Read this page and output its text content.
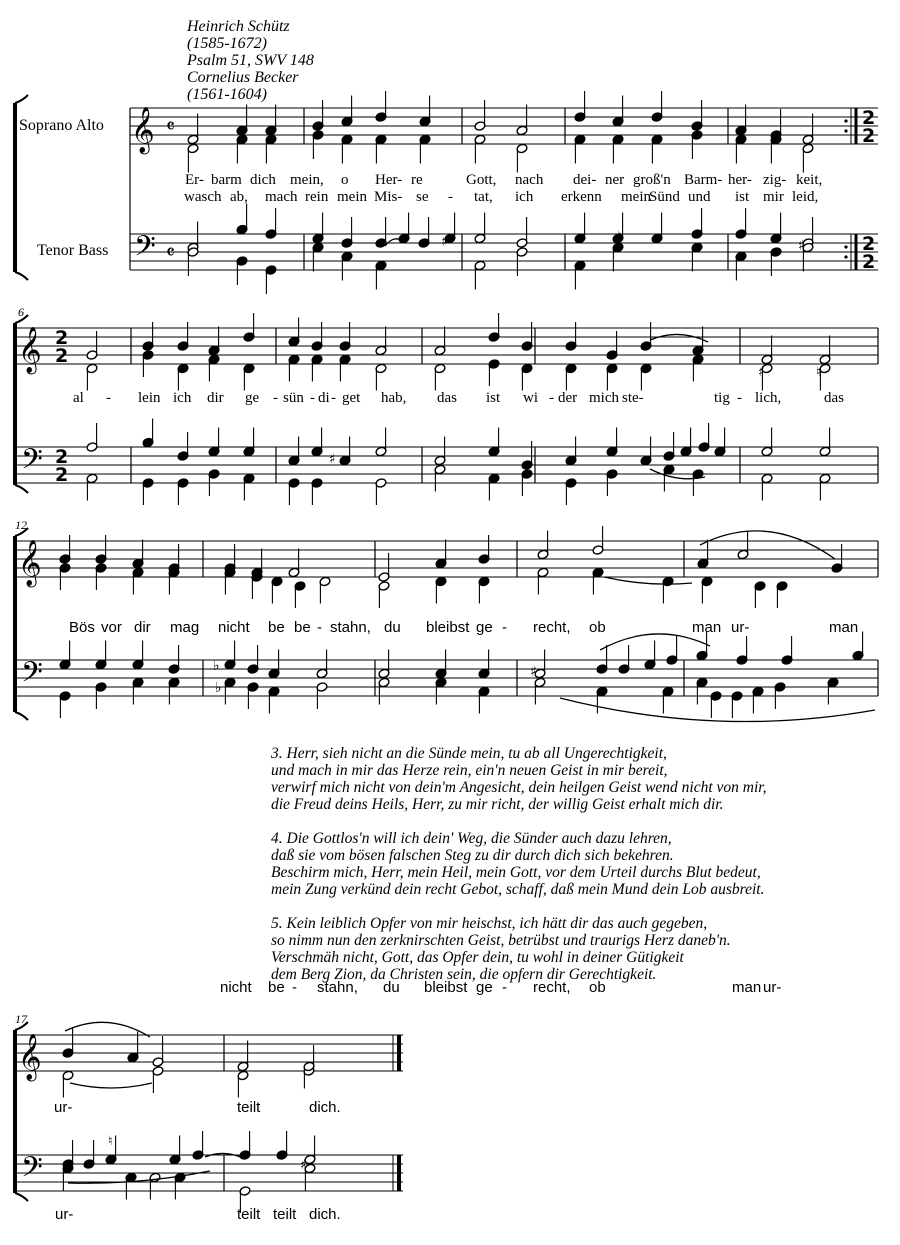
Heinrich Schütz
(1585-1672)
Psalm 51, SWV 148
Cornelius Becker
(1561-1604)
Soprano Alto
Tenor Bass
6
12
17
𝄞
𝄢
𝄴
𝄴
2
2
2
2
♯	♯
♮
𝄞
𝄢
2
2
2
2
♯	♮
♯
𝄞
𝄢	♭
♭
♯
𝄞
𝄢
♮
♯
Er- barm dich mein, o Her- re	Gott, nach dei- ner groß'n Barm- her- zig- keit,
wasch ab, mach rein mein Mis- se - tat, ich erkenn mein
Sünd und ist mir leid,
al - lein ich dir ge - sün - di - get hab, das ist wi - der mich ste-	tig - lich,	das
Bös vor dir mag nicht be be - stahn, du bleibst ge - recht, ob	man ur-	man
nicht be - stahn, du bleibst ge - recht, ob	man ur-
ur-	teilt	dich.
ur-	teilt teilt dich.
3. Herr, sieh nicht an die Sünde mein, tu ab all Ungerechtigkeit,
und mach in mir das Herze rein, ein'n neuen Geist in mir bereit,
verwirf mich nicht von dein'm Angesicht, dein heilgen Geist wend nicht von mir,
die Freud deins Heils, Herr, zu mir richt, der willig Geist erhalt mich dir.
4. Die Gottlos'n will ich dein' Weg, die Sünder auch dazu lehren,
daß sie vom bösen falschen Steg zu dir durch dich sich bekehren.
Beschirm mich, Herr, mein Heil, mein Gott, vor dem Urteil durchs Blut bedeut,
mein Zung verkünd dein recht Gebot, schaff, daß mein Mund dein Lob ausbreit.
5. Kein leiblich Opfer von mir heischst, ich hätt dir das auch gegeben,
so nimm nun den zerknirschten Geist, betrübst und traurigs Herz daneb'n.
Verschmäh nicht, Gott, das Opfer dein, tu wohl in deiner Gütigkeit
dem Berg Zion, da Christen sein, die opfern dir Gerechtigkeit.
